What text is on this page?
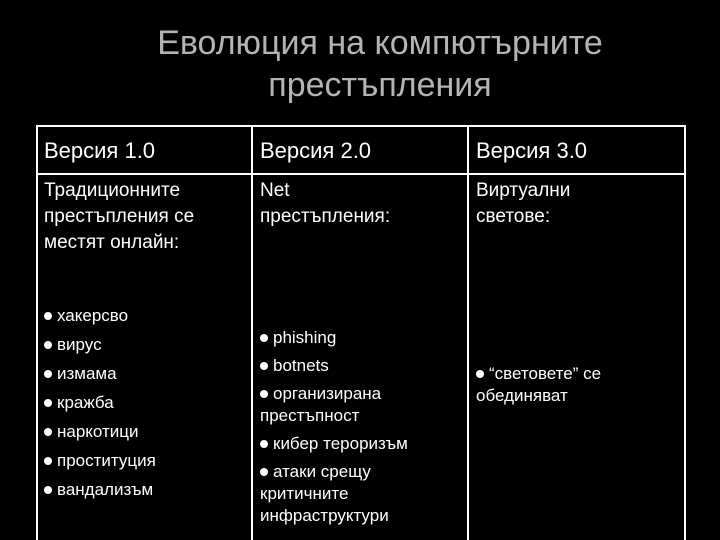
Еволюция на компютърните
престъпления
Версия 1.0
Традиционните
престъпления се
местят онлайн:
хакерсво
вирус
измама
кражба
наркотици
проституция
вандализъм
Версия 2.0
Net
престъпления:
phishing
botnets
организирана
престъпност
кибер тероризъм
атаки срещу
критичните
инфраструктури
Версия 3.0
Виртуални
светове:
“световете” се
обединяват
